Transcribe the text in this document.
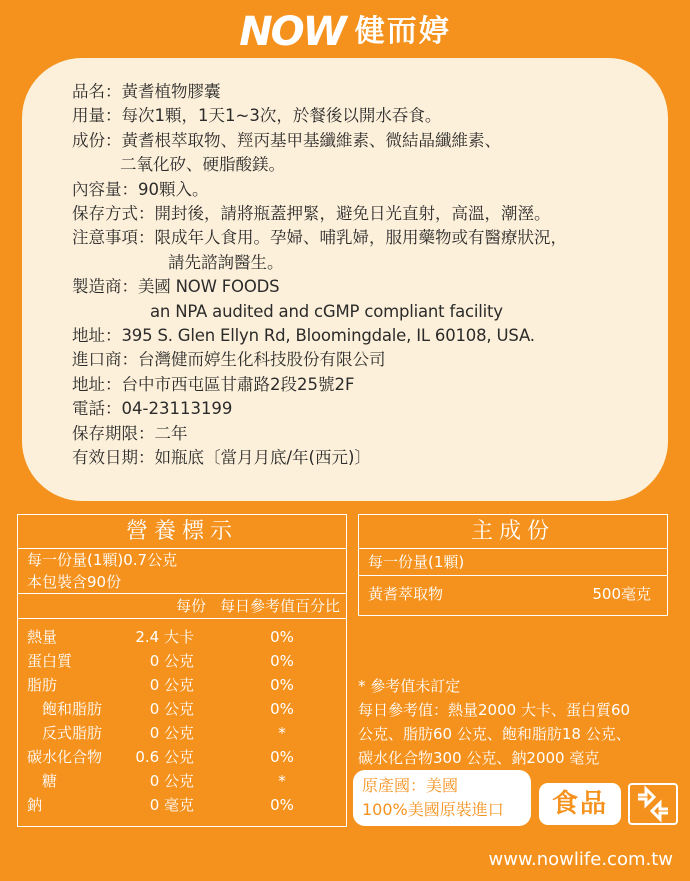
NOW 健而婷
品名： 黃耆植物膠囊
用量： 每次1顆，1天1~3次，於餐後以開水吞食。
成份： 黃耆根萃取物、羥丙基甲基纖維素、微結晶纖維素、
二氧化矽、硬脂酸鎂。
內容量： 90顆入。
保存方式： 開封後，請將瓶蓋押緊，避免日光直射，高溫，潮溼。
注意事項： 限成年人食用。孕婦、哺乳婦，服用藥物或有醫療狀況，
請先諮詢醫生。
製造商： 美國 NOW FOODS
an NPA audited and cGMP compliant facility
地址： 395 S. Glen Ellyn Rd, Bloomingdale, IL 60108, USA.
進口商： 台灣健而婷生化科技股份有限公司
地址： 台中市西屯區甘肅路2段25號2F
電話： 04-23113199
保存期限： 二年
有效日期： 如瓶底〔當月月底/年(西元)〕
營養標示
每一份量(1顆)0.7公克
本包裝含90份
每份 每日參考值百分比
熱量	2.4 大卡	0%
蛋白質	0 公克	0%
脂肪	0 公克	0%
飽和脂肪	0 公克	0%
反式脂肪	0 公克	*
碳水化合物	0.6 公克	0%
糖	0 公克	*
鈉	0 毫克	0%
主成份
每一份量(1顆)
黃耆萃取物	500毫克
* 參考值未訂定
每日參考值：熱量2000 大卡、蛋白質60
公克、脂肪60 公克、飽和脂肪18 公克、
碳水化合物300 公克、鈉2000 毫克
原產國：美國
100%美國原裝進口	食品
www.nowlife.com.tw
